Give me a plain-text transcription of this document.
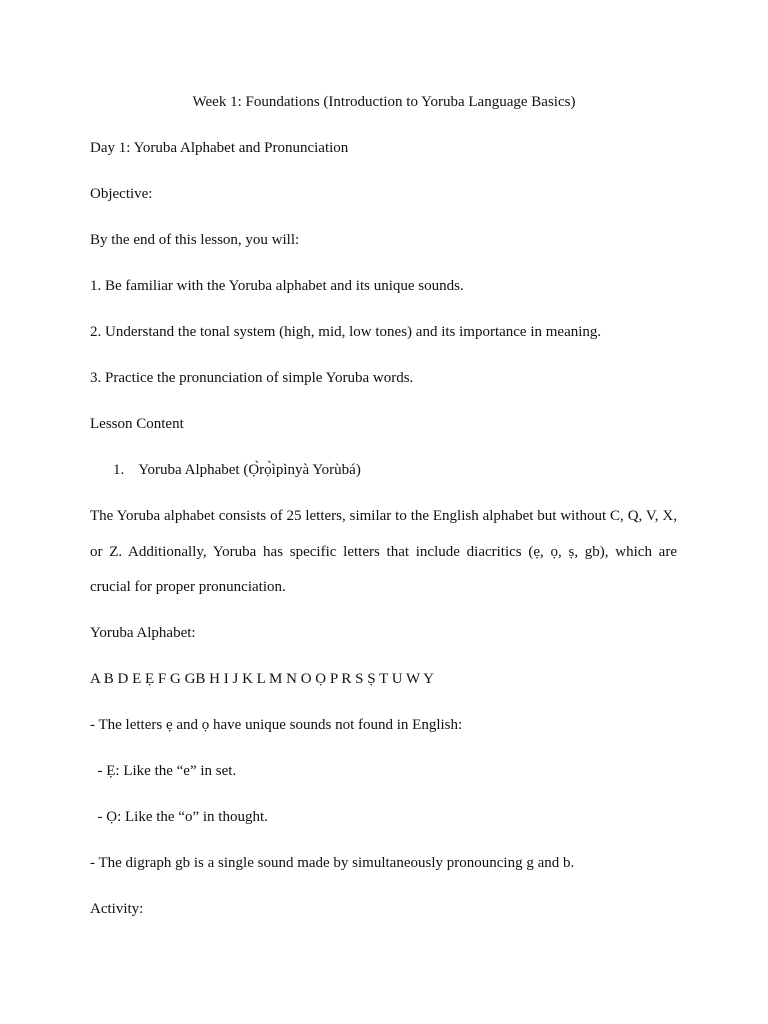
Week 1: Foundations (Introduction to Yoruba Language Basics)
Day 1: Yoruba Alphabet and Pronunciation
Objective:
By the end of this lesson, you will:
1. Be familiar with the Yoruba alphabet and its unique sounds.
2. Understand the tonal system (high, mid, low tones) and its importance in meaning.
3. Practice the pronunciation of simple Yoruba words.
Lesson Content
1. Yoruba Alphabet (Ọ̀rọ̀ìpìnyà Yorùbá)
The Yoruba alphabet consists of 25 letters, similar to the English alphabet but without C, Q, V, X,
or Z. Additionally, Yoruba has specific letters that include diacritics (ẹ, ọ, ṣ, gb), which are
crucial for proper pronunciation.
Yoruba Alphabet:
A B D E Ẹ F G GB H I J K L M N O Ọ P R S Ṣ T U W Y
- The letters ẹ and ọ have unique sounds not found in English:
- Ẹ: Like the “e” in set.
- Ọ: Like the “o” in thought.
- The digraph gb is a single sound made by simultaneously pronouncing g and b.
Activity:
